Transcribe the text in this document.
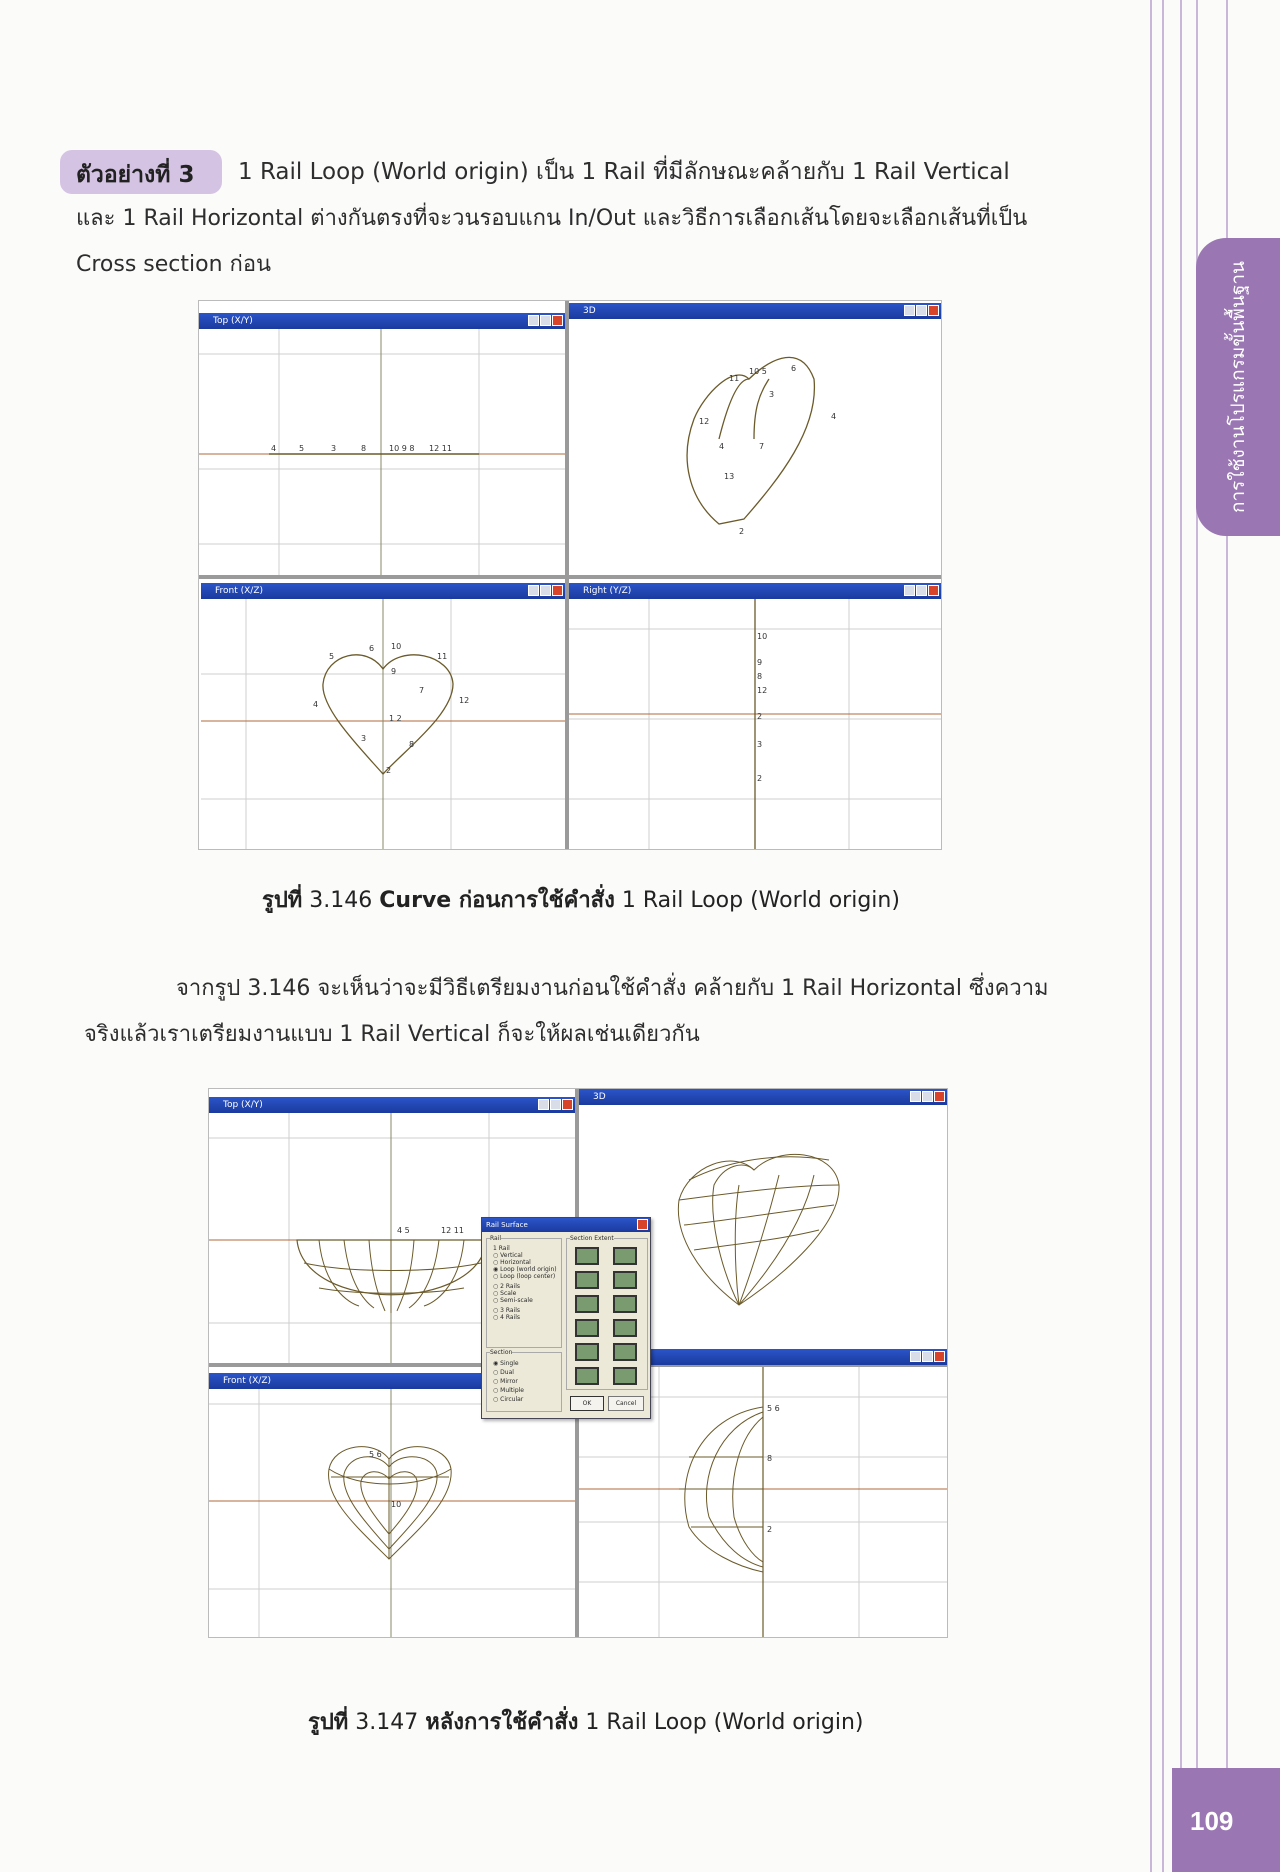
การใช้งานโปรแกรมขั้นพื้นฐาน
109
ตัวอย่างที่ 3 1 Rail Loop (World origin) เป็น 1 Rail ที่มีลักษณะคล้ายกับ 1 Rail Vertical
และ 1 Rail Horizontal ต่างกันตรงที่จะวนรอบแกน In/Out และวิธีการเลือกเส้นโดยจะเลือกเส้นที่เป็น
Cross section ก่อน
Top (X/Y)
4	5	3	8	10 9 8 12 11
3D
11
10 5	6
3
12
4	7
13
2
4
Front (X/Z)
5
6 10
11
9
7
12
4
1 2
3
8
2
Right (Y/Z)
10
9
8
12
2
3
2
รูปที่ 3.146 Curve ก่อนการใช้คำสั่ง 1 Rail Loop (World origin)
จากรูป 3.146 จะเห็นว่าจะมีวิธีเตรียมงานก่อนใช้คำสั่ง คล้ายกับ 1 Rail Horizontal ซึ่งความ
จริงแล้วเราเตรียมงานแบบ 1 Rail Vertical ก็จะให้ผลเช่นเดียวกัน
Top (X/Y)
4 5	12 11
3D
Front (X/Z)
5 6
10
5 6
8
2
Rail Surface
Rail
1 Rail
○ Vertical
○ Horizontal
◉ Loop (world origin)
○ Loop (loop center)
○ 2 Rails
○ Scale
○ Semi-scale
○ 3 Rails
○ 4 Rails
Section
◉ Single
○ Dual
○ Mirror
○ Multiple
○ Circular
Section Extent
OK	Cancel
รูปที่ 3.147 หลังการใช้คำสั่ง 1 Rail Loop (World origin)
